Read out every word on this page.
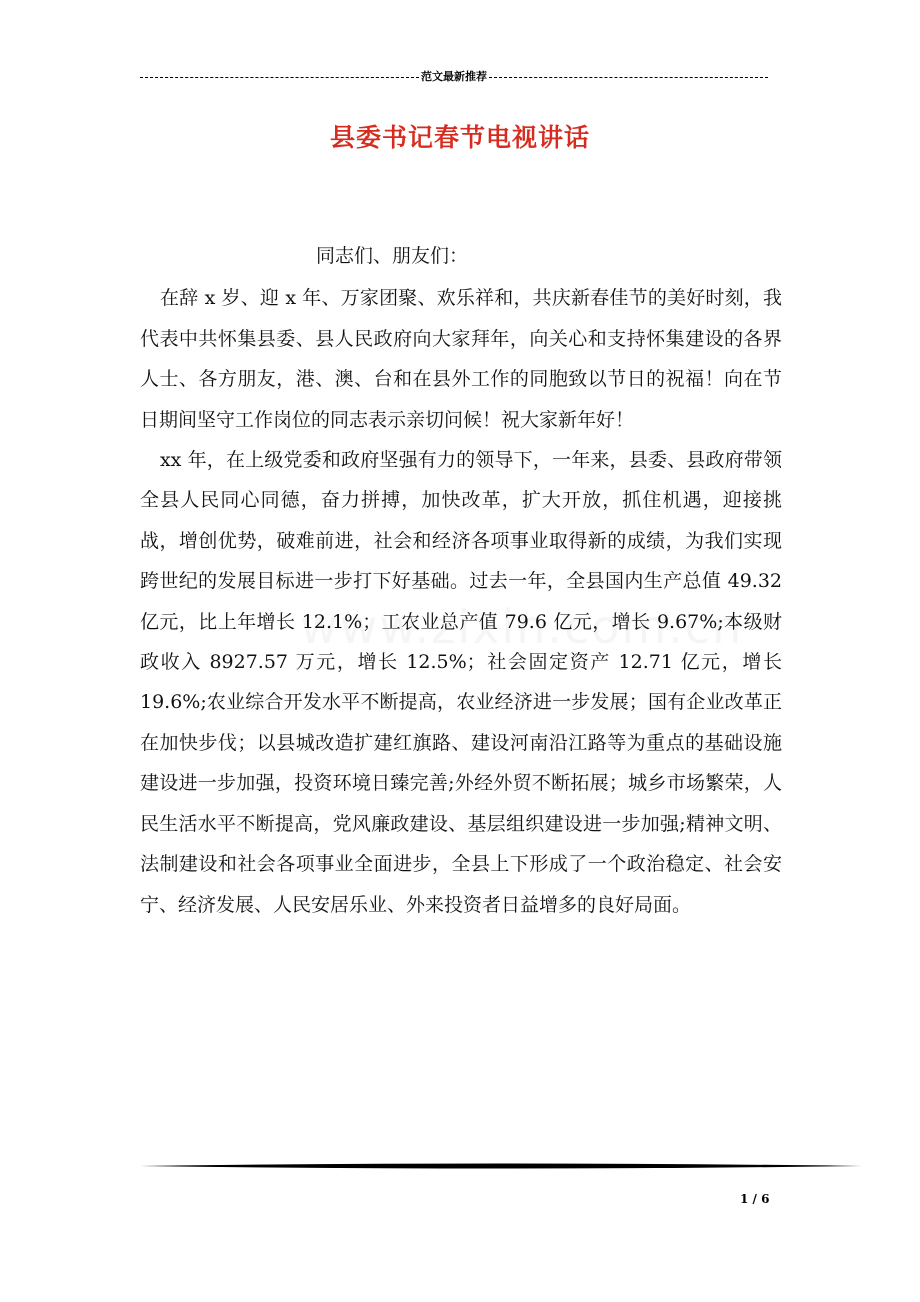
范文最新推荐
县委书记春节电视讲话

同志们、朋友们：

在辞 x 岁、迎 x 年、万家团聚、欢乐祥和，共庆新春佳节的美好时刻，我代表中共怀集县委、县人民政府向大家拜年，向关心和支持怀集建设的各界人士、各方朋友，港、澳、台和在县外工作的同胞致以节日的祝福！向在节日期间坚守工作岗位的同志表示亲切问候！祝大家新年好！

xx 年，在上级党委和政府坚强有力的领导下，一年来，县委、县政府带领全县人民同心同德，奋力拼搏，加快改革，扩大开放，抓住机遇，迎接挑战，增创优势，破难前进，社会和经济各项事业取得新的成绩，为我们实现跨世纪的发展目标进一步打下好基础。过去一年，全县国内生产总值 49.32 亿元，比上年增长 12.1%；工农业总产值 79.6 亿元，增长 9.67%;本级财政收入 8927.57 万元，增长 12.5%；社会固定资产 12.71 亿元，增长 19.6%;农业综合开发水平不断提高，农业经济进一步发展；国有企业改革正在加快步伐；以县城改造扩建红旗路、建设河南沿江路等为重点的基础设施建设进一步加强，投资环境日臻完善;外经外贸不断拓展；城乡市场繁荣，人民生活水平不断提高，党风廉政建设、基层组织建设进一步加强;精神文明、法制建设和社会各项事业全面进步，全县上下形成了一个政治稳定、社会安宁、经济发展、人民安居乐业、外来投资者日益增多的良好局面。

1 / 6
